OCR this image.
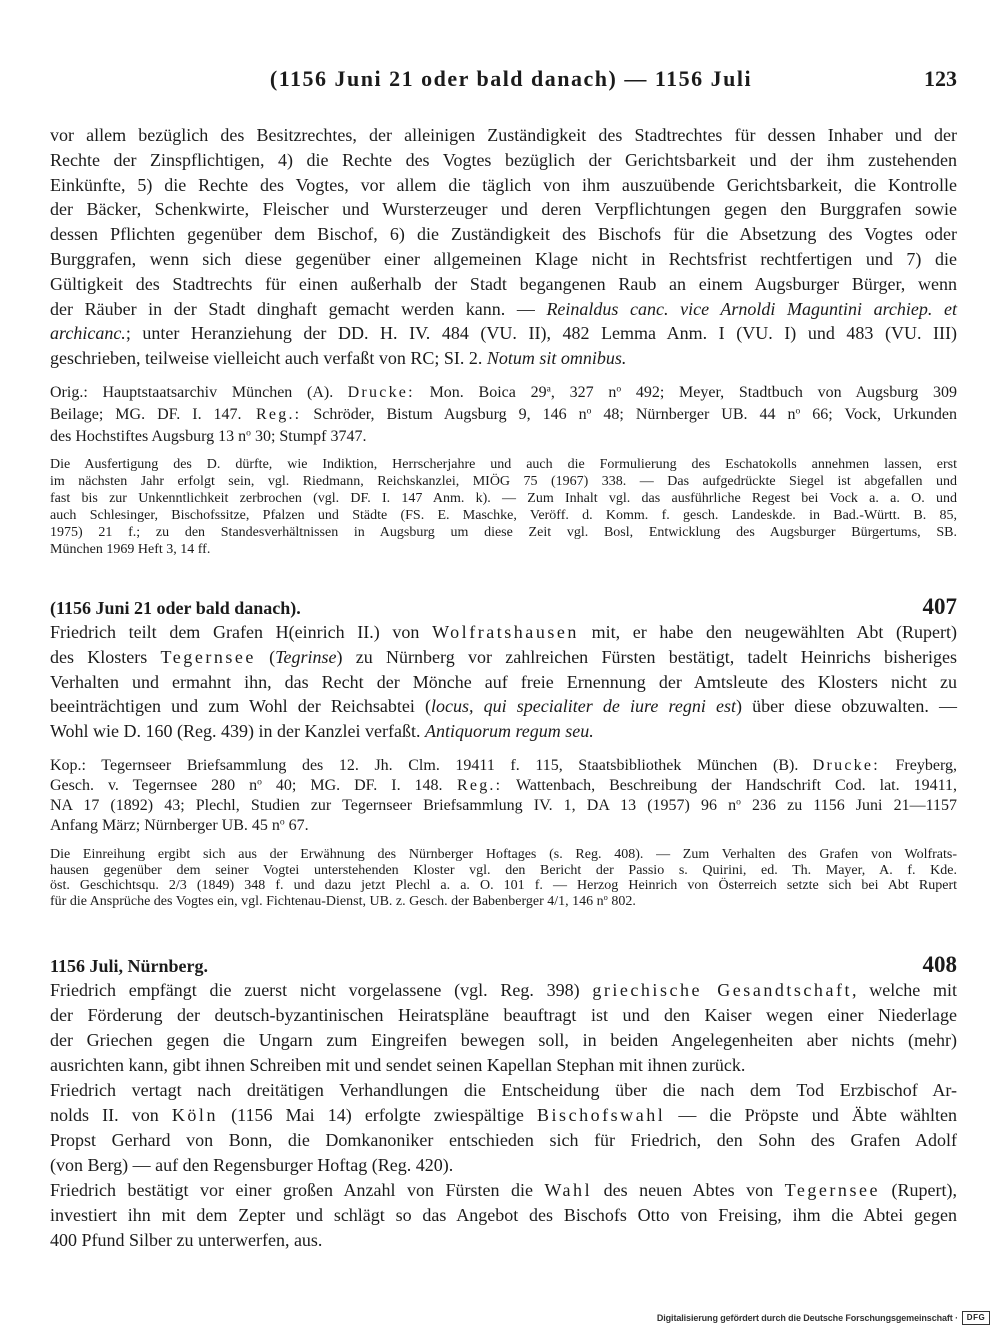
(1156 Juni 21 oder bald danach) — 1156 Juli	123
vor allem bezüglich des Besitzrechtes, der alleinigen Zuständigkeit des Stadtrechtes für dessen Inhaber und der
Rechte der Zinspflichtigen, 4) die Rechte des Vogtes bezüglich der Gerichtsbarkeit und der ihm zustehenden
Einkünfte, 5) die Rechte des Vogtes, vor allem die täglich von ihm auszuübende Gerichtsbarkeit, die Kontrolle
der Bäcker, Schenkwirte, Fleischer und Wursterzeuger und deren Verpflichtungen gegen den Burggrafen sowie
dessen Pflichten gegenüber dem Bischof, 6) die Zuständigkeit des Bischofs für die Absetzung des Vogtes oder
Burggrafen, wenn sich diese gegenüber einer allgemeinen Klage nicht in Rechtsfrist rechtfertigen und 7) die
Gültigkeit des Stadtrechts für einen außerhalb der Stadt begangenen Raub an einem Augsburger Bürger, wenn
der Räuber in der Stadt dinghaft gemacht werden kann. — Reinaldus canc. vice Arnoldi Maguntini archiep. et
archicanc.; unter Heranziehung der DD. H. IV. 484 (VU. II), 482 Lemma Anm. I (VU. I) und 483 (VU. III)
geschrieben, teilweise vielleicht auch verfaßt von RC; SI. 2. Notum sit omnibus.
Orig.: Hauptstaatsarchiv München (A). Drucke: Mon. Boica 29$^a$, 327 $n^o$ 492; Meyer, Stadtbuch von Augsburg 309
Beilage; MG. DF. I. 147. Reg.: Schröder, Bistum Augsburg 9, 146 $n^o$ 48; Nürnberger UB. 44 $n^o$ 66; Vock, Urkunden
des Hochstiftes Augsburg 13 $n^o$ 30; Stumpf 3747.
Die Ausfertigung des D. dürfte, wie Indiktion, Herrscherjahre und auch die Formulierung des Eschatokolls annehmen lassen, erst
im nächsten Jahr erfolgt sein, vgl. Riedmann, Reichskanzlei, MIÖG 75 (1967) 338. — Das aufgedrückte Siegel ist abgefallen und
fast bis zur Unkenntlichkeit zerbrochen (vgl. DF. I. 147 Anm. k). — Zum Inhalt vgl. das ausführliche Regest bei Vock a. a. O. und
auch Schlesinger, Bischofssitze, Pfalzen und Städte (FS. E. Maschke, Veröff. d. Komm. f. gesch. Landeskde. in Bad.-Württ. B. 85,
1975) 21 f.; zu den Standesverhältnissen in Augsburg um diese Zeit vgl. Bosl, Entwicklung des Augsburger Bürgertums, SB.
München 1969 Heft 3, 14 ff.
(1156 Juni 21 oder bald danach).	407
Friedrich teilt dem Grafen H(einrich II.) von Wolfratshausen mit, er habe den neugewählten Abt (Rupert)
des Klosters Tegernsee (Tegrinse) zu Nürnberg vor zahlreichen Fürsten bestätigt, tadelt Heinrichs bisheriges
Verhalten und ermahnt ihn, das Recht der Mönche auf freie Ernennung der Amtsleute des Klosters nicht zu
beeinträchtigen und zum Wohl der Reichsabtei (locus, qui specialiter de iure regni est) über diese obzuwalten. —
Wohl wie D. 160 (Reg. 439) in der Kanzlei verfaßt. Antiquorum regum seu.
Kop.: Tegernseer Briefsammlung des 12. Jh. Clm. 19411 f. 115, Staatsbibliothek München (B). Drucke: Freyberg,
Gesch. v. Tegernsee 280 $n^o$ 40; MG. DF. I. 148. Reg.: Wattenbach, Beschreibung der Handschrift Cod. lat. 19411,
NA 17 (1892) 43; Plechl, Studien zur Tegernseer Briefsammlung IV. 1, DA 13 (1957) 96 $n^o$ 236 zu 1156 Juni 21—1157
Anfang März; Nürnberger UB. 45 $n^o$ 67.
Die Einreihung ergibt sich aus der Erwähnung des Nürnberger Hoftages (s. Reg. 408). — Zum Verhalten des Grafen von Wolfrats-
hausen gegenüber dem seiner Vogtei unterstehenden Kloster vgl. den Bericht der Passio s. Quirini, ed. Th. Mayer, A. f. Kde.
öst. Geschichtsqu. 2/3 (1849) 348 f. und dazu jetzt Plechl a. a. O. 101 f. — Herzog Heinrich von Österreich setzte sich bei Abt Rupert
für die Ansprüche des Vogtes ein, vgl. Fichtenau-Dienst, UB. z. Gesch. der Babenberger 4/1, 146 $n^o$ 802.
1156 Juli, Nürnberg.	408
Friedrich empfängt die zuerst nicht vorgelassene (vgl. Reg. 398) griechische Gesandtschaft, welche mit
der Förderung der deutsch-byzantinischen Heiratspläne beauftragt ist und den Kaiser wegen einer Niederlage
der Griechen gegen die Ungarn zum Eingreifen bewegen soll, in beiden Angelegenheiten aber nichts (mehr)
ausrichten kann, gibt ihnen Schreiben mit und sendet seinen Kapellan Stephan mit ihnen zurück.
Friedrich vertagt nach dreitätigen Verhandlungen die Entscheidung über die nach dem Tod Erzbischof Ar-
nolds II. von Köln (1156 Mai 14) erfolgte zwiespältige Bischofswahl — die Pröpste und Äbte wählten
Propst Gerhard von Bonn, die Domkanoniker entschieden sich für Friedrich, den Sohn des Grafen Adolf
(von Berg) — auf den Regensburger Hoftag (Reg. 420).
Friedrich bestätigt vor einer großen Anzahl von Fürsten die Wahl des neuen Abtes von Tegernsee (Rupert),
investiert ihn mit dem Zepter und schlägt so das Angebot des Bischofs Otto von Freising, ihm die Abtei gegen
400 Pfund Silber zu unterwerfen, aus.
Digitalisierung gefördert durch die Deutsche Forschungsgemeinschaft ·	DFG
